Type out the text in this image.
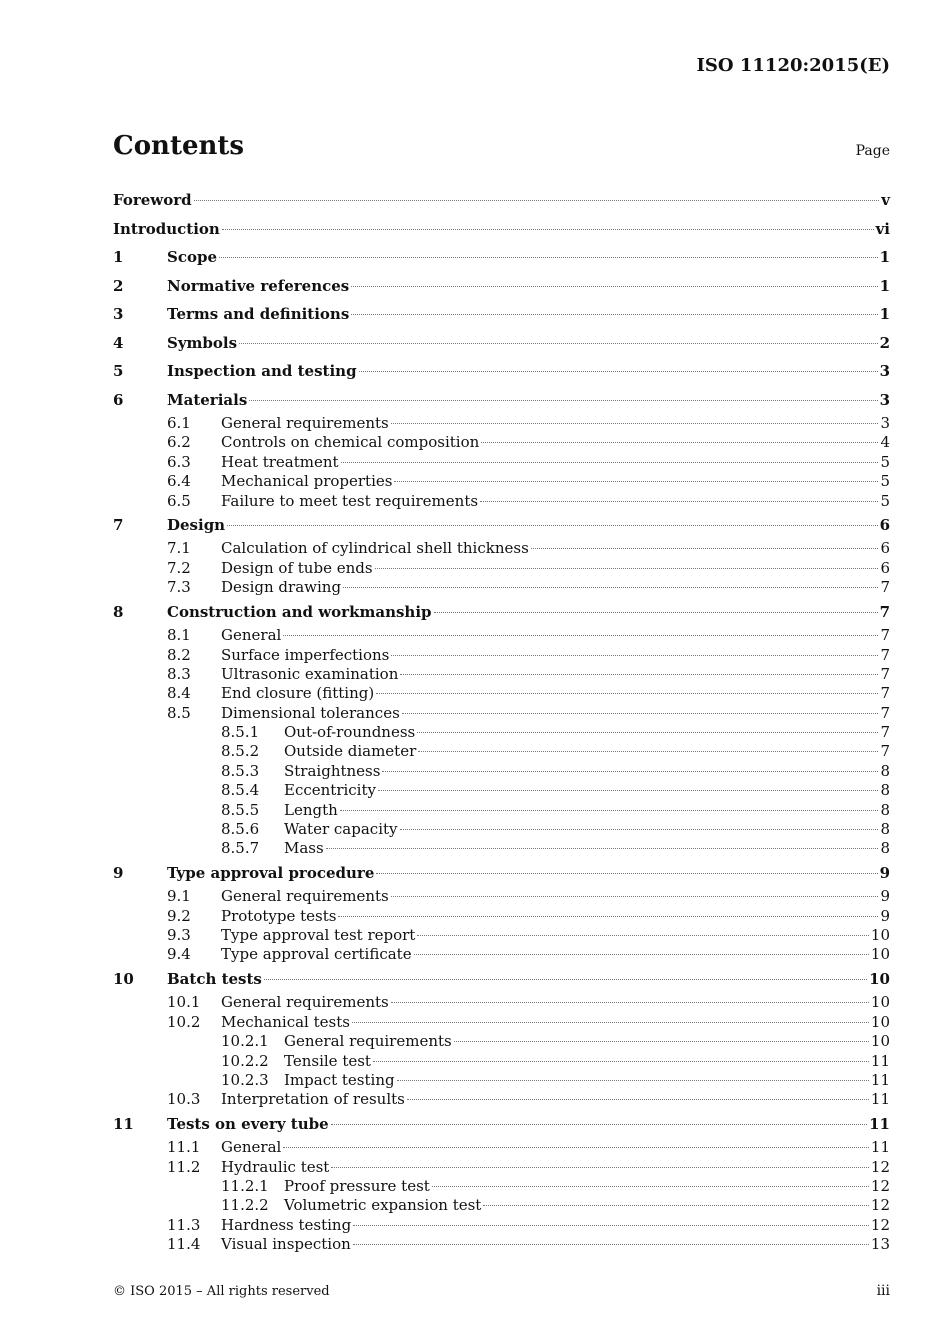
ISO 11120:2015(E)
Contents	Page
Foreword	v
Introduction	vi
1	Scope	1
2	Normative references	1
3	Terms and definitions	1
4	Symbols	2
5	Inspection and testing	3
6	Materials	3
6.1	General requirements	3
6.2	Controls on chemical composition	4
6.3	Heat treatment	5
6.4	Mechanical properties	5
6.5	Failure to meet test requirements	5
7	Design	6
7.1	Calculation of cylindrical shell thickness	6
7.2	Design of tube ends	6
7.3	Design drawing	7
8	Construction and workmanship	7
8.1	General	7
8.2	Surface imperfections	7
8.3	Ultrasonic examination	7
8.4	End closure (fitting)	7
8.5	Dimensional tolerances	7
8.5.1	Out-of-roundness	7
8.5.2	Outside diameter	7
8.5.3	Straightness	8
8.5.4	Eccentricity	8
8.5.5	Length	8
8.5.6	Water capacity	8
8.5.7	Mass	8
9	Type approval procedure	9
9.1	General requirements	9
9.2	Prototype tests	9
9.3	Type approval test report	10
9.4	Type approval certificate	10
10	Batch tests	10
10.1	General requirements	10
10.2	Mechanical tests	10
10.2.1	General requirements	10
10.2.2	Tensile test	11
10.2.3	Impact testing	11
10.3	Interpretation of results	11
11	Tests on every tube	11
11.1	General	11
11.2	Hydraulic test	12
11.2.1	Proof pressure test	12
11.2.2	Volumetric expansion test	12
11.3	Hardness testing	12
11.4	Visual inspection	13
© ISO 2015 – All rights reserved	iii
